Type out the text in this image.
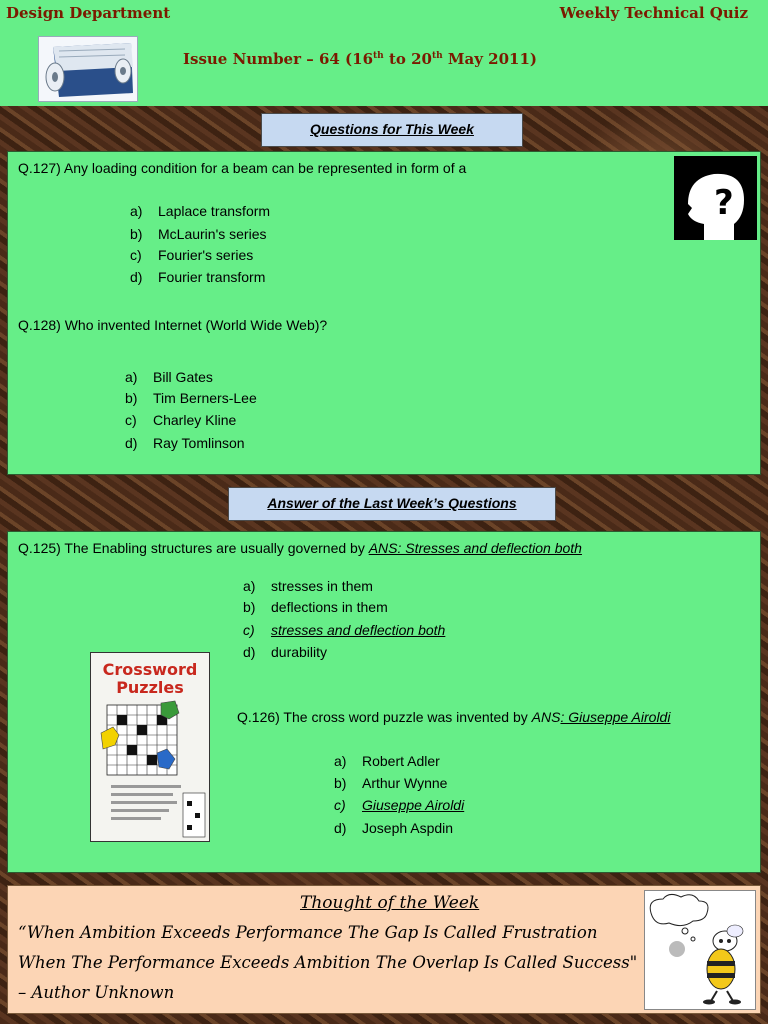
Design Department	Weekly Technical Quiz
Issue Number – 64 (16th to 20th May 2011)
Questions for This Week
?
Q.127) Any loading condition for a beam can be represented in form of a
a) Laplace transform
b) McLaurin's series
c) Fourier's series
d) Fourier transform
Q.128) Who invented Internet (World Wide Web)?
a) Bill Gates
b) Tim Berners-Lee
c) Charley Kline
d) Ray Tomlinson
Answer of the Last Week’s Questions
Q.125) The Enabling structures are usually governed by ANS: Stresses and deflection both
a) stresses in them
b) deflections in them
c) stresses and deflection both
d) durability
Crossword
Puzzles
Q.126) The cross word puzzle was invented by ANS: Giuseppe Airoldi
a) Robert Adler
b) Arthur Wynne
c) Giuseppe Airoldi
d) Joseph Aspdin
Thought of the Week
“When Ambition Exceeds Performance The Gap Is Called Frustration
When The Performance Exceeds Ambition The Overlap Is Called Success"
– Author Unknown
